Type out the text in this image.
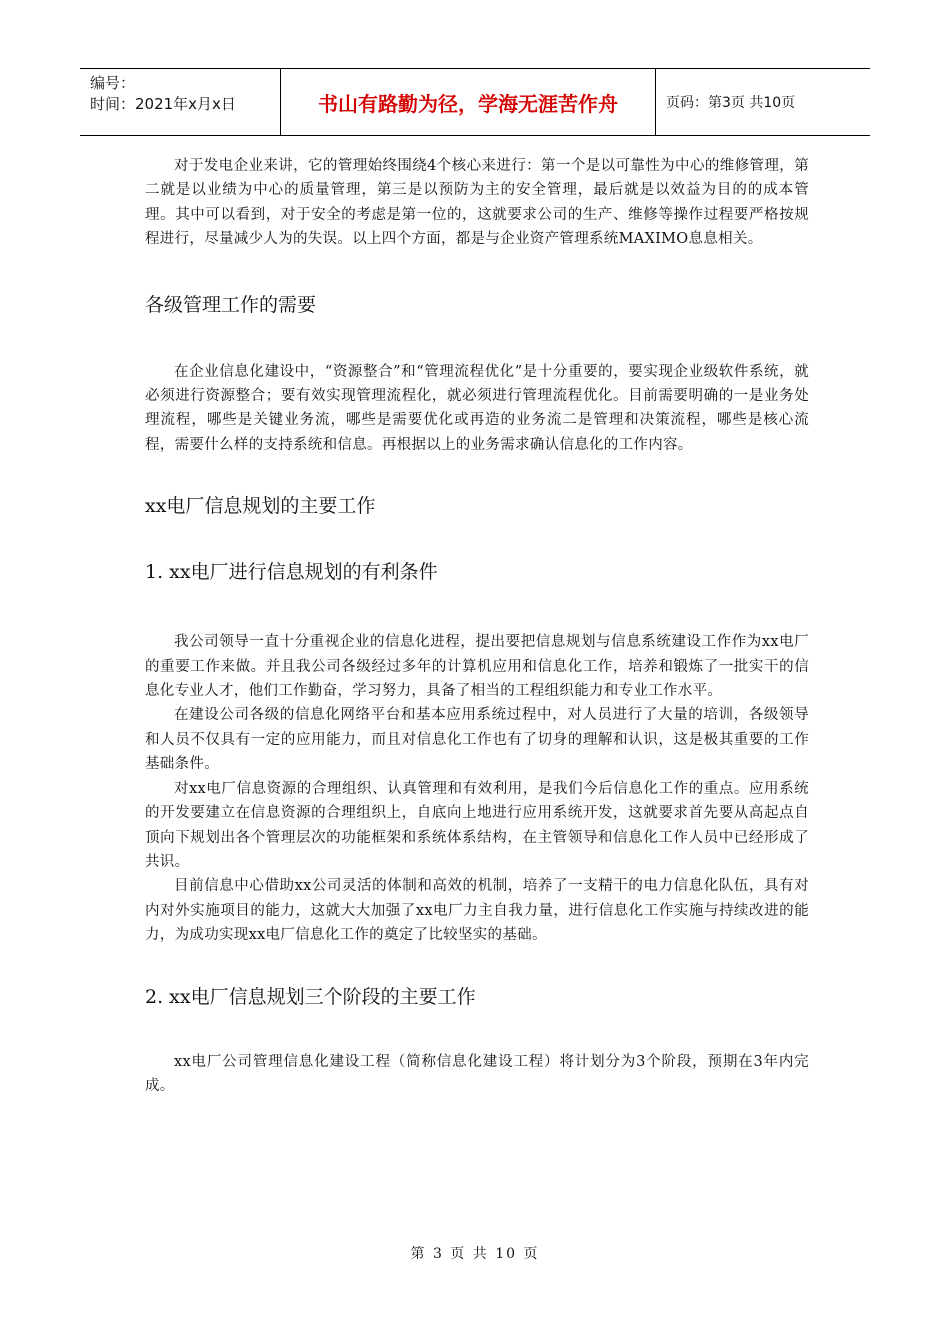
编号：
时间：2021年x月x日	书山有路勤为径，学海无涯苦作舟	页码：第3页 共10页

对于发电企业来讲，它的管理始终围绕4个核心来进行：第一个是以可靠性为中心的维修管理，第二就是以业绩为中心的质量管理，第三是以预防为主的安全管理，最后就是以效益为目的的成本管理。其中可以看到，对于安全的考虑是第一位的，这就要求公司的生产、维修等操作过程要严格按规程进行，尽量减少人为的失误。以上四个方面，都是与企业资产管理系统MAXIMO息息相关。

各级管理工作的需要

在企业信息化建设中，“资源整合”和“管理流程优化”是十分重要的，要实现企业级软件系统，就必须进行资源整合；要有效实现管理流程化，就必须进行管理流程优化。目前需要明确的一是业务处理流程，哪些是关键业务流，哪些是需要优化或再造的业务流二是管理和决策流程，哪些是核心流程，需要什么样的支持系统和信息。再根据以上的业务需求确认信息化的工作内容。

xx电厂信息规划的主要工作
1. xx电厂进行信息规划的有利条件

我公司领导一直十分重视企业的信息化进程，提出要把信息规划与信息系统建设工作作为xx电厂的重要工作来做。并且我公司各级经过多年的计算机应用和信息化工作，培养和锻炼了一批实干的信息化专业人才，他们工作勤奋，学习努力，具备了相当的工程组织能力和专业工作水平。

在建设公司各级的信息化网络平台和基本应用系统过程中，对人员进行了大量的培训，各级领导和人员不仅具有一定的应用能力，而且对信息化工作也有了切身的理解和认识，这是极其重要的工作基础条件。

对xx电厂信息资源的合理组织、认真管理和有效利用，是我们今后信息化工作的重点。应用系统的开发要建立在信息资源的合理组织上，自底向上地进行应用系统开发，这就要求首先要从高起点自顶向下规划出各个管理层次的功能框架和系统体系结构，在主管领导和信息化工作人员中已经形成了共识。

目前信息中心借助xx公司灵活的体制和高效的机制，培养了一支精干的电力信息化队伍，具有对内对外实施项目的能力，这就大大加强了xx电厂力主自我力量，进行信息化工作实施与持续改进的能力，为成功实现xx电厂信息化工作的奠定了比较坚实的基础。

2. xx电厂信息规划三个阶段的主要工作

xx电厂公司管理信息化建设工程（简称信息化建设工程）将计划分为3个阶段，预期在3年内完成。

第 3 页 共 10 页
